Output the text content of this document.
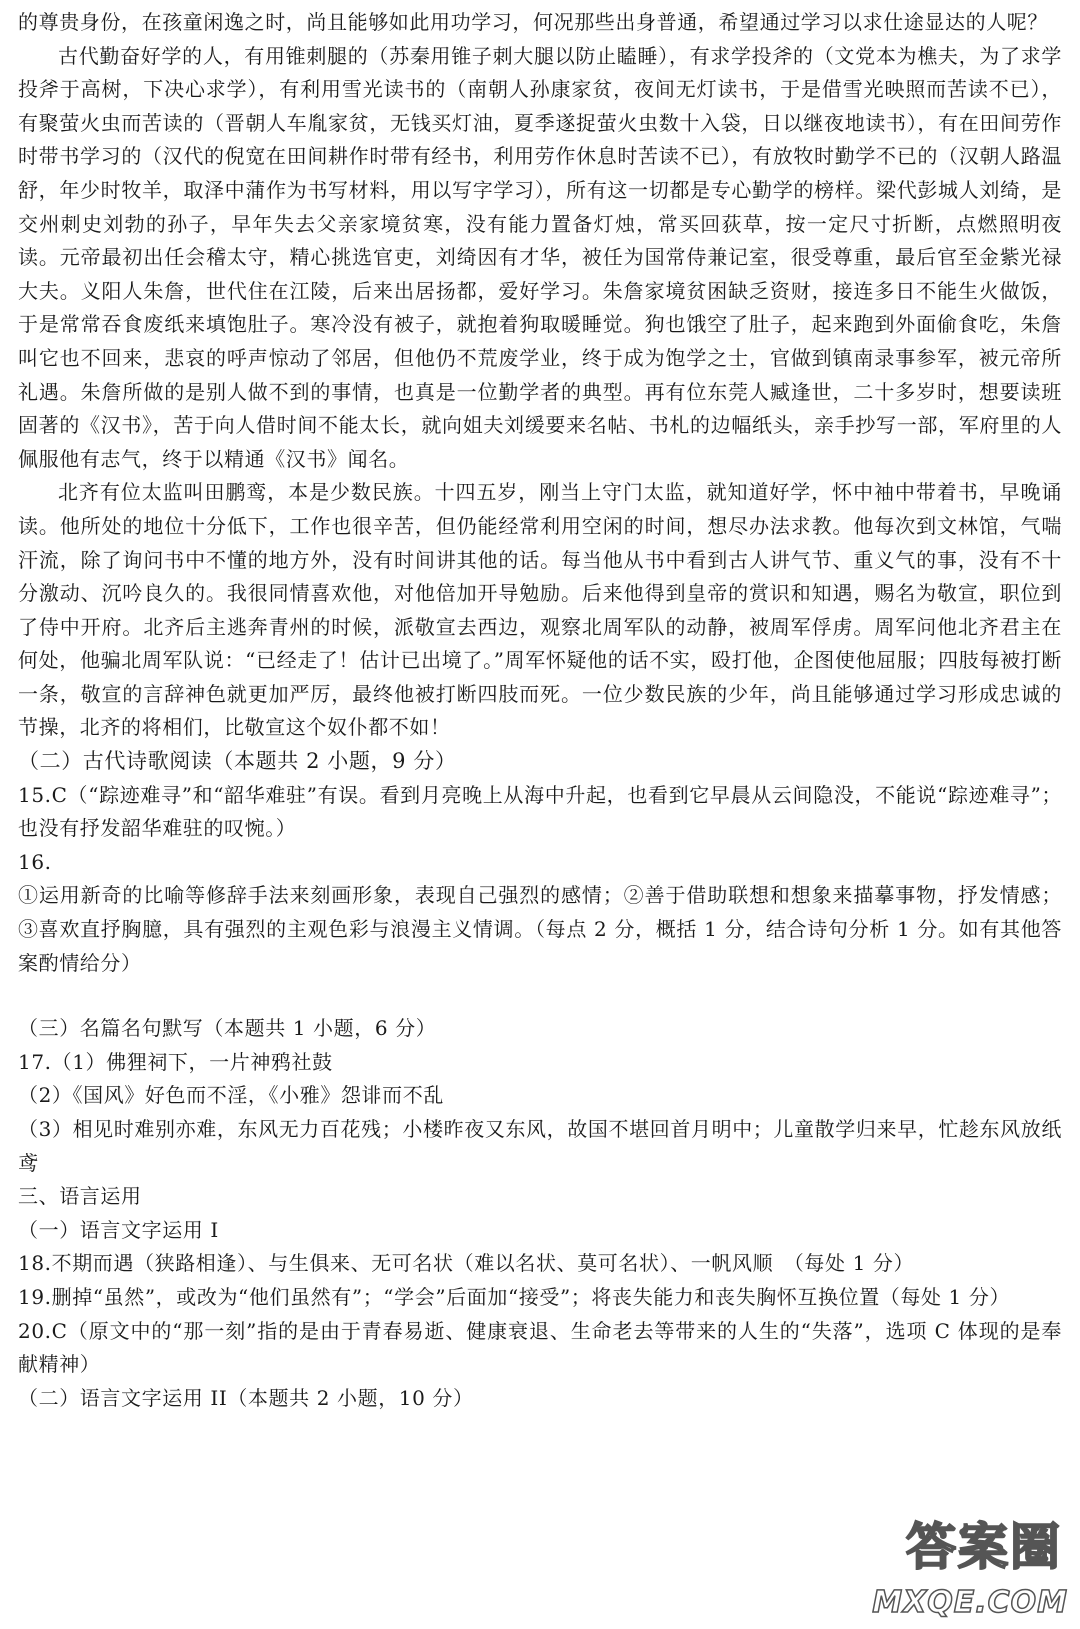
的尊贵身份，在孩童闲逸之时，尚且能够如此用功学习，何况那些出身普通，希望通过学习以求仕途显达的人呢？

古代勤奋好学的人，有用锥刺腿的（苏秦用锥子刺大腿以防止瞌睡），有求学投斧的（文党本为樵夫，为了求学投斧于高树，下决心求学），有利用雪光读书的（南朝人孙康家贫，夜间无灯读书，于是借雪光映照而苦读不已），有聚萤火虫而苦读的（晋朝人车胤家贫，无钱买灯油，夏季遂捉萤火虫数十入袋，日以继夜地读书），有在田间劳作时带书学习的（汉代的倪宽在田间耕作时带有经书，利用劳作休息时苦读不已），有放牧时勤学不已的（汉朝人路温舒，年少时牧羊，取泽中蒲作为书写材料，用以写字学习），所有这一切都是专心勤学的榜样。梁代彭城人刘绮，是交州刺史刘勃的孙子，早年失去父亲家境贫寒，没有能力置备灯烛，常买回荻草，按一定尺寸折断，点燃照明夜读。元帝最初出任会稽太守，精心挑选官吏，刘绮因有才华，被任为国常侍兼记室，很受尊重，最后官至金紫光禄大夫。义阳人朱詹，世代住在江陵，后来出居扬都，爱好学习。朱詹家境贫困缺乏资财，接连多日不能生火做饭，于是常常吞食废纸来填饱肚子。寒冷没有被子，就抱着狗取暖睡觉。狗也饿空了肚子，起来跑到外面偷食吃，朱詹叫它也不回来，悲哀的呼声惊动了邻居，但他仍不荒废学业，终于成为饱学之士，官做到镇南录事参军，被元帝所礼遇。朱詹所做的是别人做不到的事情，也真是一位勤学者的典型。再有位东莞人臧逢世，二十多岁时，想要读班固著的《汉书》，苦于向人借时间不能太长，就向姐夫刘缓要来名帖、书札的边幅纸头，亲手抄写一部，军府里的人佩服他有志气，终于以精通《汉书》闻名。

北齐有位太监叫田鹏鸾，本是少数民族。十四五岁，刚当上守门太监，就知道好学，怀中袖中带着书，早晚诵读。他所处的地位十分低下，工作也很辛苦，但仍能经常利用空闲的时间，想尽办法求教。他每次到文林馆，气喘汗流，除了询问书中不懂的地方外，没有时间讲其他的话。每当他从书中看到古人讲气节、重义气的事，没有不十分激动、沉吟良久的。我很同情喜欢他，对他倍加开导勉励。后来他得到皇帝的赏识和知遇，赐名为敬宣，职位到了侍中开府。北齐后主逃奔青州的时候，派敬宣去西边，观察北周军队的动静，被周军俘虏。周军问他北齐君主在何处，他骗北周军队说：“已经走了！估计已出境了。”周军怀疑他的话不实，殴打他，企图使他屈服；四肢每被打断一条，敬宣的言辞神色就更加严厉，最终他被打断四肢而死。一位少数民族的少年，尚且能够通过学习形成忠诚的节操，北齐的将相们，比敬宣这个奴仆都不如！

（二）古代诗歌阅读（本题共 2 小题，9 分）

15.C（“踪迹难寻”和“韶华难驻”有误。看到月亮晚上从海中升起，也看到它早晨从云间隐没，不能说“踪迹难寻”；也没有抒发韶华难驻的叹惋。）

16.

①运用新奇的比喻等修辞手法来刻画形象，表现自己强烈的感情；②善于借助联想和想象来描摹事物，抒发情感；③喜欢直抒胸臆，具有强烈的主观色彩与浪漫主义情调。（每点 2 分，概括 1 分，结合诗句分析 1 分。如有其他答案酌情给分）

（三）名篇名句默写（本题共 1 小题，6 分）

17.（1）佛狸祠下，一片神鸦社鼓

（2）《国风》好色而不淫，《小雅》怨诽而不乱

（3）相见时难别亦难，东风无力百花残；小楼昨夜又东风，故国不堪回首月明中；儿童散学归来早，忙趁东风放纸鸢

三、语言运用

（一）语言文字运用 I

18.不期而遇（狭路相逢）、与生俱来、无可名状（难以名状、莫可名状）、一帆风顺　（每处 1 分）

19.删掉“虽然”，或改为“他们虽然有”；“学会”后面加“接受”；将丧失能力和丧失胸怀互换位置（每处 1 分）

20.C（原文中的“那一刻”指的是由于青春易逝、健康衰退、生命老去等带来的人生的“失落”，选项 C 体现的是奉献精神）

（二）语言文字运用 II（本题共 2 小题，10 分）

答案圈
MXQE.COM
